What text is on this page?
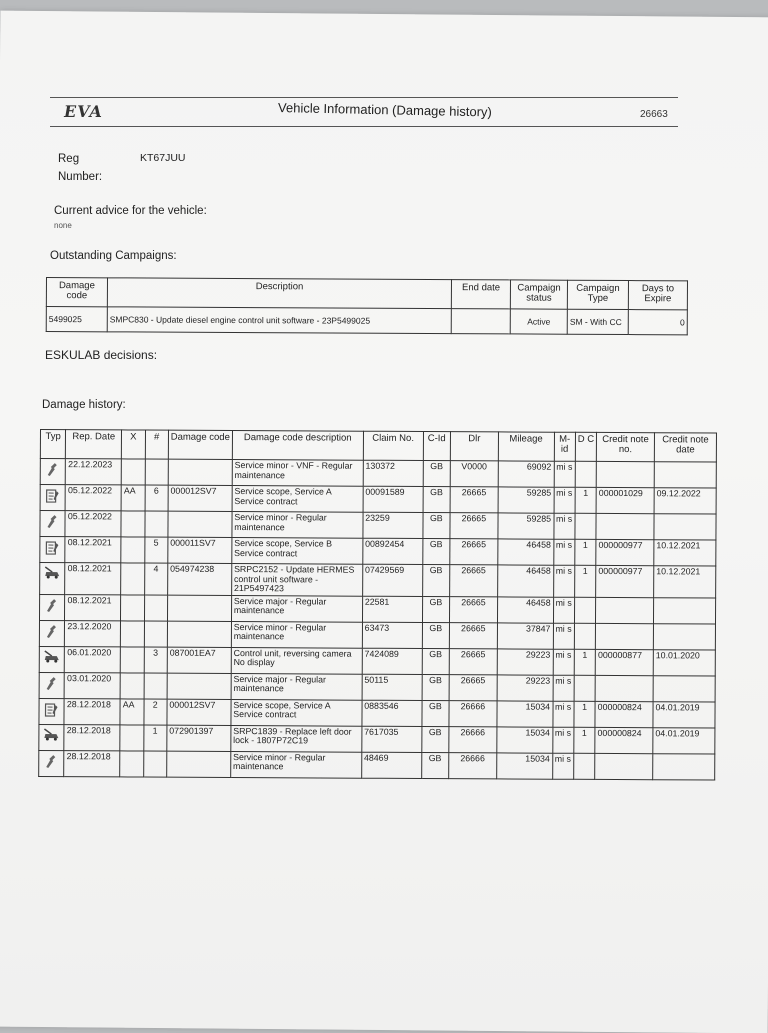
EVA	Vehicle Information (Damage history)	26663
Reg
Number:
KT67JUU
Current advice for the vehicle:
none
Outstanding Campaigns:
Damage code	Description	End date	Campaign status	Campaign Type	Days to Expire
5499025	SMPC830 - Update diesel engine control unit software - 23P5499025		Active	SM - With CC	0
ESKULAB decisions:
Damage history:
Typ	Rep. Date	X	#	Damage code	Damage code description	Claim No.	C-Id	Dlr	Mileage	M-id	D C	Credit note no.	Credit note date

	22.12.2023				Service minor - VNF - Regular maintenance	130372	GB	V0000	69092	mi s			

	05.12.2022	AA	6	000012SV7	Service scope, Service A Service contract	00091589	GB	26665	59285	mi s	1	000001029	09.12.2022

	05.12.2022				Service minor - Regular maintenance	23259	GB	26665	59285	mi s			

	08.12.2021		5	000011SV7	Service scope, Service B Service contract	00892454	GB	26665	46458	mi s	1	000000977	10.12.2021

	08.12.2021		4	054974238	SRPC2152 - Update HERMES control unit software - 21P5497423	07429569	GB	26665	46458	mi s	1	000000977	10.12.2021

	08.12.2021				Service major - Regular maintenance	22581	GB	26665	46458	mi s			

	23.12.2020				Service minor - Regular maintenance	63473	GB	26665	37847	mi s			

	06.01.2020		3	087001EA7	Control unit, reversing camera No display	7424089	GB	26665	29223	mi s	1	000000877	10.01.2020

	03.01.2020				Service major - Regular maintenance	50115	GB	26665	29223	mi s			

	28.12.2018	AA	2	000012SV7	Service scope, Service A Service contract	0883546	GB	26666	15034	mi s	1	000000824	04.01.2019

	28.12.2018		1	072901397	SRPC1839 - Replace left door lock - 1807P72C19	7617035	GB	26666	15034	mi s	1	000000824	04.01.2019

	28.12.2018				Service minor - Regular maintenance	48469	GB	26666	15034	mi s			
